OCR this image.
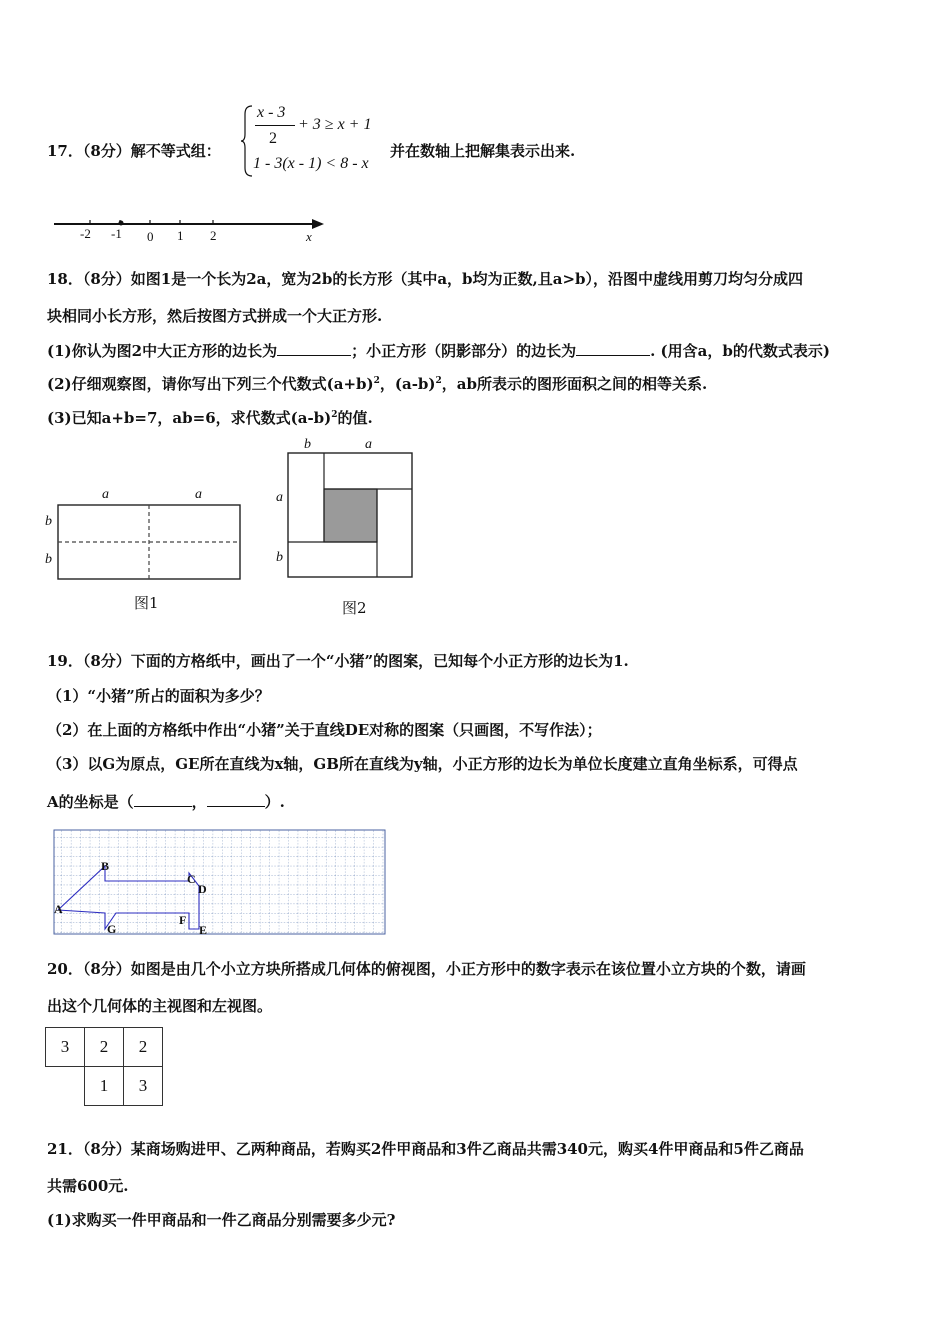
17．（8分）解不等式组：
x - 3
2
+ 3 ≥ x + 1
1 - 3(x - 1) < 8 - x
并在数轴上把解集表示出来.
-2 -1 0 1 2	x
18．（8分）如图1是一个长为2a，宽为2b的长方形（其中a，b均为正数,且a>b），沿图中虚线用剪刀均匀分成四
块相同小长方形，然后按图方式拼成一个大正方形.
(1)你认为图2中大正方形的边长为	；小正方形（阴影部分）的边长为	. (用含a，b的代数式表示)
(2)仔细观察图，请你写出下列三个代数式$(a+b)^2$，$(a-b)^2$，ab所表示的图形面积之间的相等关系.
(3)已知a+b=7，ab=6，求代数式$(a-b)^2$的值.
a	a
b
b
图1
b	a
a
b
图2
19．（8分）下面的方格纸中，画出了一个“小猪”的图案，已知每个小正方形的边长为1.
（1）“小猪”所占的面积为多少？
（2）在上面的方格纸中作出“小猪”关于直线DE对称的图案（只画图，不写作法）；
（3）以G为原点，GE所在直线为x轴，GB所在直线为y轴，小正方形的边长为单位长度建立直角坐标系，可得点
A的坐标是（	，	）.
A
B
C
D
F
E
G
20．（8分）如图是由几个小立方块所搭成几何体的俯视图，小正方形中的数字表示在该位置小立方块的个数，请画
出这个几何体的主视图和左视图。
3	2	2
	1	3
21．（8分）某商场购进甲、乙两种商品，若购买2件甲商品和3件乙商品共需340元，购买4件甲商品和5件乙商品
共需600元.
(1)求购买一件甲商品和一件乙商品分别需要多少元?
